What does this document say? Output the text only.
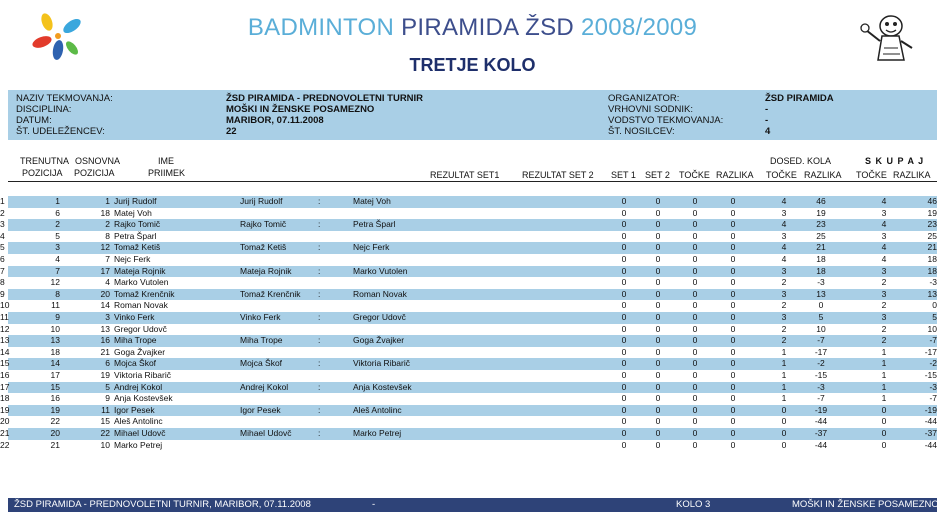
BADMINTON PIRAMIDA ŽSD 2008/2009
TRETJE KOLO
NAZIV TEKMOVANJA:	ŽSD PIRAMIDA - PREDNOVOLETNI TURNIR
DISCIPLINA:	MOŠKI IN ŽENSKE POSAMEZNO
DATUM:	MARIBOR, 07.11.2008
ŠT. UDELEŽENCEV:	22
ORGANIZATOR:	ŽSD PIRAMIDA
VRHOVNI SODNIK:	-
VODSTVO TEKMOVANJA:	-
ŠT. NOSILCEV:	4
TRENUTNA
POZICIJA
OSNOVNA
POZICIJA
IME
PRIIMEK	REZULTAT SET1	REZULTAT SET 2 SET 1 SET 2 TOČKE RAZLIKA
DOSED. KOLA
TOČKE RAZLIKA
S K U P A J
TOČKE RAZLIKA
1	1	1 Jurij Rudolf	Jurij Rudolf	:	Matej Voh	0	0	0	0	4	46	4	46
2	6	18 Matej Voh	0	0	0	0	3	19	3	19
3	2	2 Rajko Tomič	Rajko Tomič	:	Petra Šparl	0	0	0	0	4	23	4	23
4	5	8 Petra Šparl	0	0	0	0	3	25	3	25
5	3	12 Tomaž Ketiš	Tomaž Ketiš	:	Nejc Ferk	0	0	0	0	4	21	4	21
6	4	7 Nejc Ferk	0	0	0	0	4	18	4	18
7	7	17 Mateja Rojnik	Mateja Rojnik	:	Marko Vutolen	0	0	0	0	3	18	3	18
8	12	4 Marko Vutolen	0	0	0	0	2	-3	2	-3
9	8	20 Tomaž Krenčnik	Tomaž Krenčnik	:	Roman Novak	0	0	0	0	3	13	3	13
10	11	14 Roman Novak	0	0	0	0	2	0	2	0
11	9	3 Vinko Ferk	Vinko Ferk	:	Gregor Udovč	0	0	0	0	3	5	3	5
12	10	13 Gregor Udovč	0	0	0	0	2	10	2	10
13	13	16 Miha Trope	Miha Trope	:	Goga Žvajker	0	0	0	0	2	-7	2	-7
14	18	21 Goga Žvajker	0	0	0	0	1	-17	1	-17
15	14	6 Mojca Škof	Mojca Škof	:	Viktoria Ribarič	0	0	0	0	1	-2	1	-2
16	17	19 Viktoria Ribarič	0	0	0	0	1	-15	1	-15
17	15	5 Andrej Kokol	Andrej Kokol	:	Anja Kostevšek	0	0	0	0	1	-3	1	-3
18	16	9 Anja Kostevšek	0	0	0	0	1	-7	1	-7
19	19	11 Igor Pesek	Igor Pesek	:	Aleš Antolinc	0	0	0	0	0	-19	0	-19
20	22	15 Aleš Antolinc	0	0	0	0	0	-44	0	-44
21	20	22 Mihael Udovč	Mihael Udovč	:	Marko Petrej	0	0	0	0	0	-37	0	-37
22	21	10 Marko Petrej	0	0	0	0	0	-44	0	-44
ŽSD PIRAMIDA - PREDNOVOLETNI TURNIR, MARIBOR, 07.11.2008	-	KOLO 3	MOŠKI IN ŽENSKE POSAMEZNO
